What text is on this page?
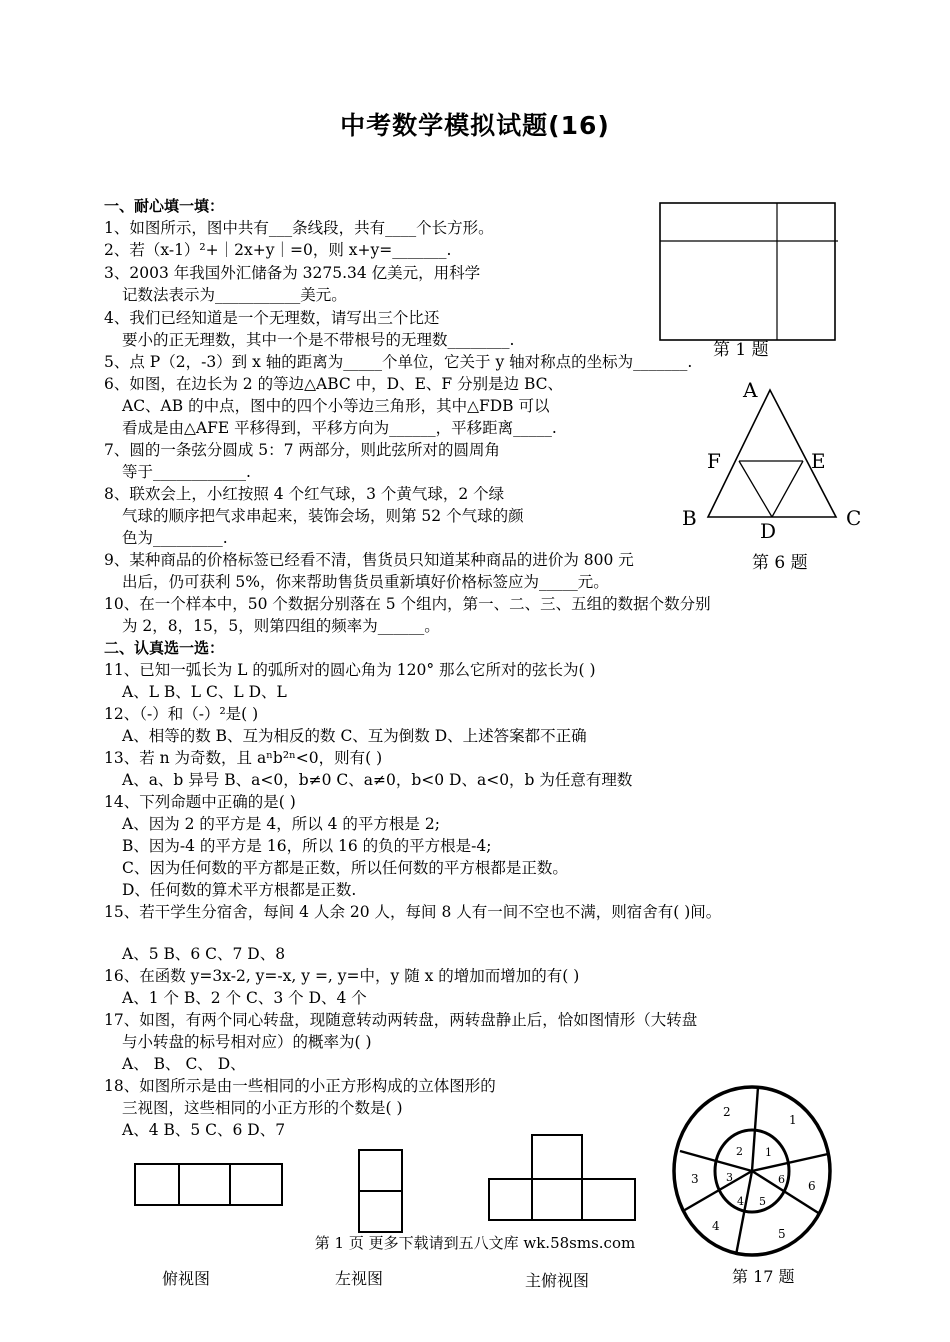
中考数学模拟试题(16)
一、耐心填一填：
1、如图所示，图中共有___条线段，共有____个长方形。
2、若（x-1）²+｜2x+y｜=0，则 x+y=_______.
3、2003 年我国外汇储备为 3275.34 亿美元，用科学
记数法表示为___________美元。
4、我们已经知道是一个无理数，请写出三个比还
要小的正无理数，其中一个是不带根号的无理数________.
5、点 P（2，-3）到 x 轴的距离为_____个单位，它关于 y 轴对称点的坐标为_______.
6、如图，在边长为 2 的等边△ABC 中，D、E、F 分别是边 BC、
AC、AB 的中点，图中的四个小等边三角形，其中△FDB 可以
看成是由△AFE 平移得到，平移方向为______，平移距离_____.
7、圆的一条弦分圆成 5：7 两部分，则此弦所对的圆周角
等于____________.
8、联欢会上，小红按照 4 个红气球，3 个黄气球，2 个绿
气球的顺序把气求串起来，装饰会场，则第 52 个气球的颜
色为_________.
9、某种商品的价格标签已经看不清，售货员只知道某种商品的进价为 800 元
出后，仍可获利 5%，你来帮助售货员重新填好价格标签应为_____元。
10、在一个样本中，50 个数据分别落在 5 个组内，第一、二、三、五组的数据个数分别
为 2，8，15，5，则第四组的频率为______。
二、认真选一选：
11、已知一弧长为 L 的弧所对的圆心角为 120° 那么它所对的弦长为( )
A、L B、L C、L D、L
12、（-）和（-）²是( )
A、相等的数 B、互为相反的数 C、互为倒数 D、上述答案都不正确
13、若 n 为奇数，且 aⁿb²ⁿ<0，则有( )
A、a、b 异号 B、a<0，b≠0 C、a≠0，b<0 D、a<0，b 为任意有理数
14、下列命题中正确的是( )
A、因为 2 的平方是 4，所以 4 的平方根是 2;
B、因为-4 的平方是 16，所以 16 的负的平方根是-4;
C、因为任何数的平方都是正数，所以任何数的平方根都是正数。
D、任何数的算术平方根都是正数.
15、若干学生分宿舍，每间 4 人余 20 人，每间 8 人有一间不空也不满，则宿舍有( )间。
A、5 B、6 C、7 D、8
16、在函数 y=3x-2, y=-x, y =, y=中，y 随 x 的增加而增加的有( )
A、1 个 B、2 个 C、3 个 D、4 个
17、如图，有两个同心转盘，现随意转动两转盘，两转盘静止后，恰如图情形（大转盘
与小转盘的标号相对应）的概率为( )
A、 B、 C、 D、
18、如图所示是由一些相同的小正方形构成的立体图形的
三视图，这些相同的小正方形的个数是( )
A、4 B、5 C、6 D、7
第 1 题
A
F	E
B
D
C
第 6 题
1
2
3
4
5
6
1
2
3
4 5
6
第 1 页 更多下载请到五八文库 wk.58sms.com
俯视图	左视图	主俯视图	第 17 题
